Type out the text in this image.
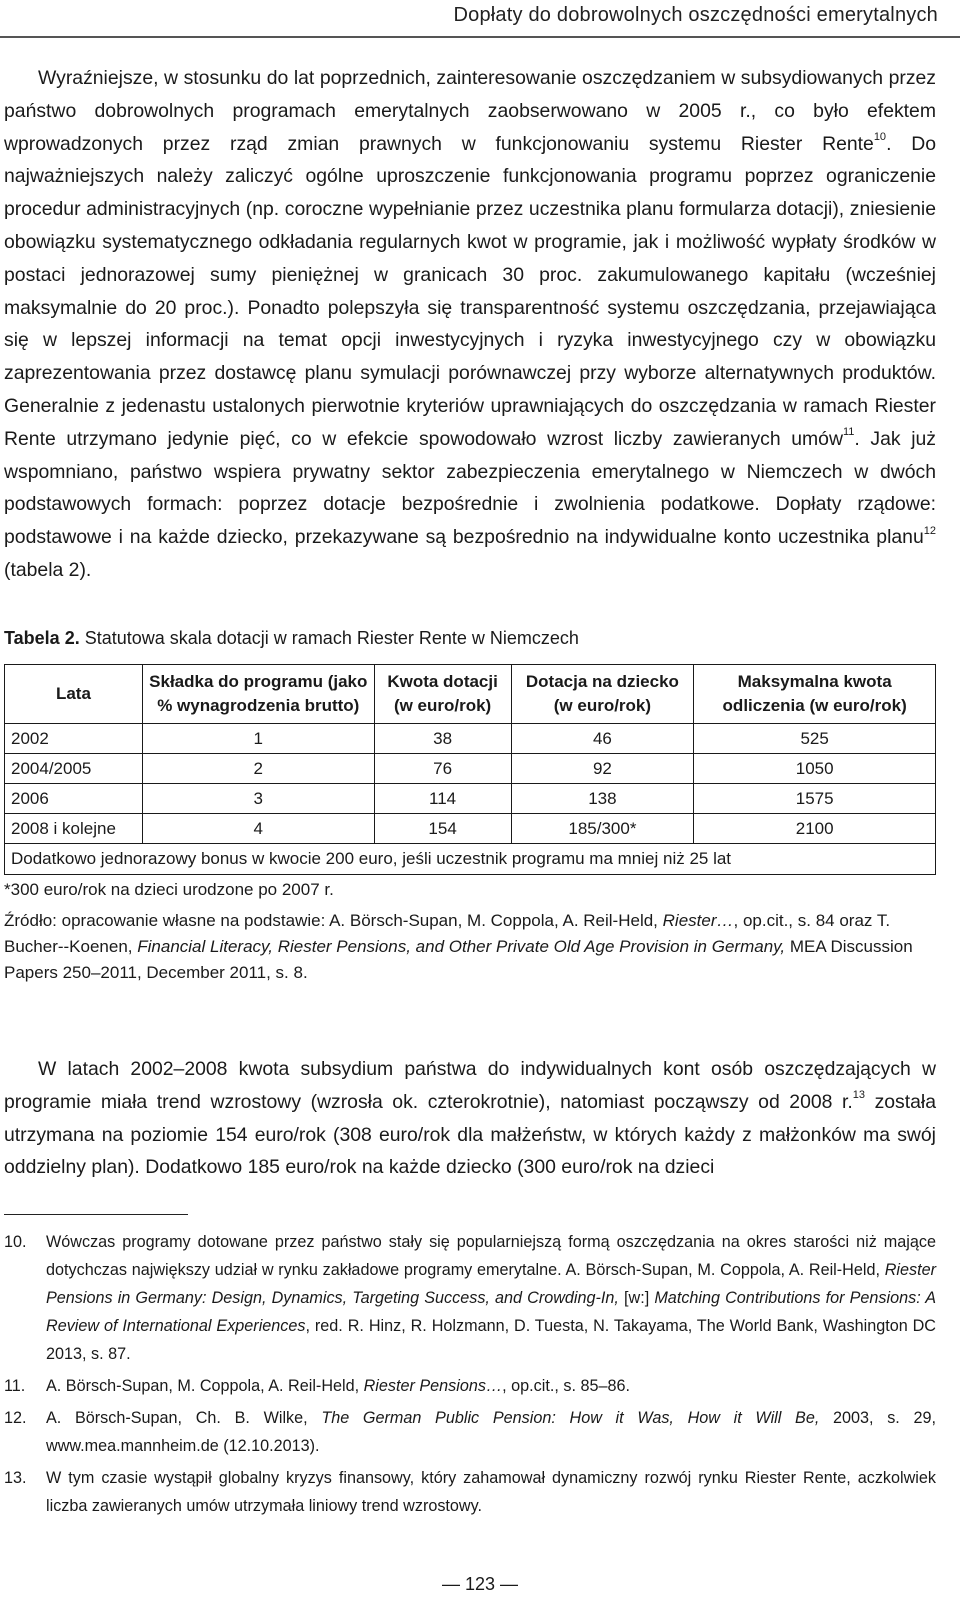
Dopłaty do dobrowolnych oszczędności emerytalnych

Wyraźniejsze, w stosunku do lat poprzednich, zainteresowanie oszczędzaniem w subsydiowanych przez państwo dobrowolnych programach emerytalnych zaobserwowano w 2005 r., co było efektem wprowadzonych przez rząd zmian prawnych w funkcjonowaniu systemu Riester Rente$^{10}$. Do najważniejszych należy zaliczyć ogólne uproszczenie funkcjonowania programu poprzez ograniczenie procedur administracyjnych (np. coroczne wypełnianie przez uczestnika planu formularza dotacji), zniesienie obowiązku systematycznego odkładania regularnych kwot w programie, jak i możliwość wypłaty środków w postaci jednorazowej sumy pieniężnej w granicach 30 proc. zakumulowanego kapitału (wcześniej maksymalnie do 20 proc.). Ponadto polepszyła się transparentność systemu oszczędzania, przejawiająca się w lepszej informacji na temat opcji inwestycyjnych i ryzyka inwestycyjnego czy w obowiązku zaprezentowania przez dostawcę planu symulacji porównawczej przy wyborze alternatywnych produktów. Generalnie z jedenastu ustalonych pierwotnie kryteriów uprawniających do oszczędzania w ramach Riester Rente utrzymano jedynie pięć, co w efekcie spowodowało wzrost liczby zawieranych umów$^{11}$. Jak już wspomniano, państwo wspiera prywatny sektor zabezpieczenia emerytalnego w Niemczech w dwóch podstawowych formach: poprzez dotacje bezpośrednie i zwolnienia podatkowe. Dopłaty rządowe: podstawowe i na każde dziecko, przekazywane są bezpośrednio na indywidualne konto uczestnika planu$^{12}$ (tabela 2).

Tabela 2. Statutowa skala dotacji w ramach Riester Rente w Niemczech
Lata	Składka do programu (jako % wynagrodzenia brutto)	Kwota dotacji (w euro/rok)	Dotacja na dziecko (w euro/rok)	Maksymalna kwota odliczenia (w euro/rok)
2002	1	38	46	525
2004/2005	2	76	92	1050
2006	3	114	138	1575
2008 i kolejne	4	154	185/300*	2100
Dodatkowo jednorazowy bonus w kwocie 200 euro, jeśli uczestnik programu ma mniej niż 25 lat				
*300 euro/rok na dzieci urodzone po 2007 r.
Źródło: opracowanie własne na podstawie: A. Börsch-Supan, M. Coppola, A. Reil-Held, Riester…, op.cit., s. 84 oraz T. Bucher--Koenen, Financial Literacy, Riester Pensions, and Other Private Old Age Provision in Germany, MEA Discussion Papers 250–2011, December 2011, s. 8.

W latach 2002–2008 kwota subsydium państwa do indywidualnych kont osób oszczędzających w programie miała trend wzrostowy (wzrosła ok. czterokrotnie), natomiast począwszy od 2008 r.$^{13}$ została utrzymana na poziomie 154 euro/rok (308 euro/rok dla małżeństw, w których każdy z małżonków ma swój oddzielny plan). Dodatkowo 185 euro/rok na każde dziecko (300 euro/rok na dzieci

10.	Wówczas programy dotowane przez państwo stały się popularniejszą formą oszczędzania na okres starości niż mające dotychczas największy udział w rynku zakładowe programy emerytalne. A. Börsch-Supan, M. Coppola, A. Reil-Held, Riester Pensions in Germany: Design, Dynamics, Targeting Success, and Crowding-In, [w:] Matching Contributions for Pensions: A Review of International Experiences, red. R. Hinz, R. Holzmann, D. Tuesta, N. Takayama, The World Bank, Washington DC 2013, s. 87.
11.	A. Börsch-Supan, M. Coppola, A. Reil-Held, Riester Pensions…, op.cit., s. 85–86.
12.	A. Börsch-Supan, Ch. B. Wilke, The German Public Pension: How it Was, How it Will Be, 2003, s. 29, www.mea.mannheim.de (12.10.2013).
13.	W tym czasie wystąpił globalny kryzys finansowy, który zahamował dynamiczny rozwój rynku Riester Rente, aczkolwiek liczba zawieranych umów utrzymała liniowy trend wzrostowy.
— 123 —
